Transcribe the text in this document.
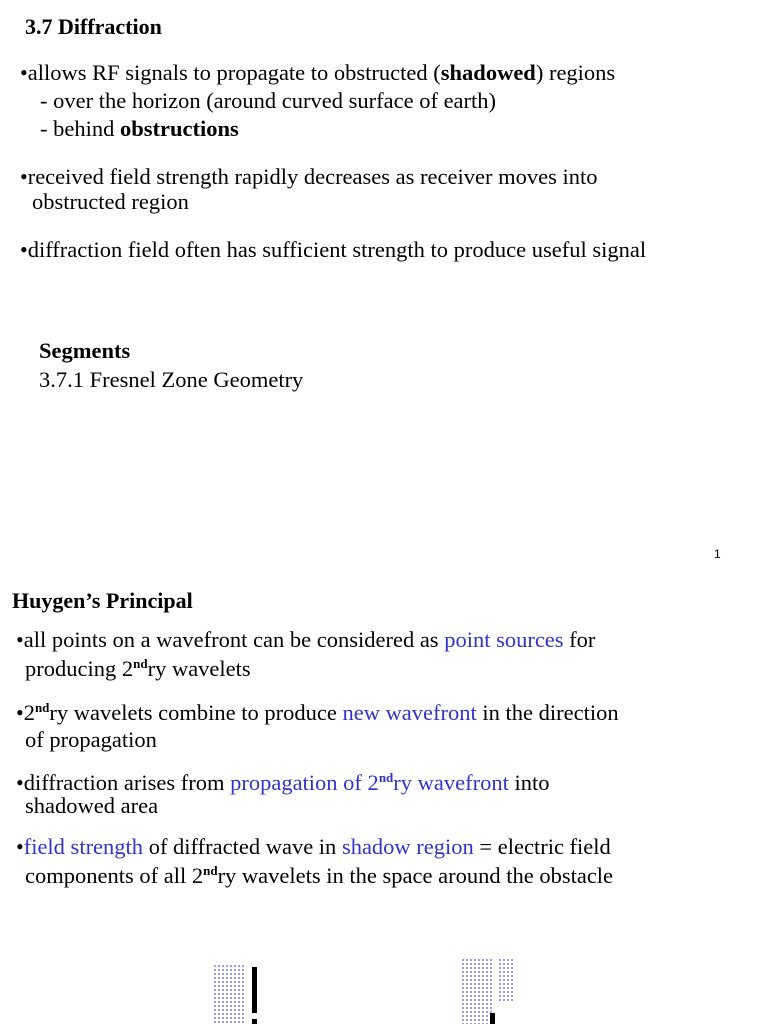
3.7 Diffraction
•allows RF signals to propagate to obstructed (shadowed) regions
- over the horizon (around curved surface of earth)
- behind obstructions
•received field strength rapidly decreases as receiver moves into
obstructed region
•diffraction field often has sufficient strength to produce useful signal
Segments
3.7.1 Fresnel Zone Geometry
1
Huygen’s Principal
•all points on a wavefront can be considered as point sources for
producing 2ndry wavelets
•2ndry wavelets combine to produce new wavefront in the direction
of propagation
•diffraction arises from propagation of 2ndry wavefront into
shadowed area
•field strength of diffracted wave in shadow region = electric field
components of all 2ndry wavelets in the space around the obstacle
